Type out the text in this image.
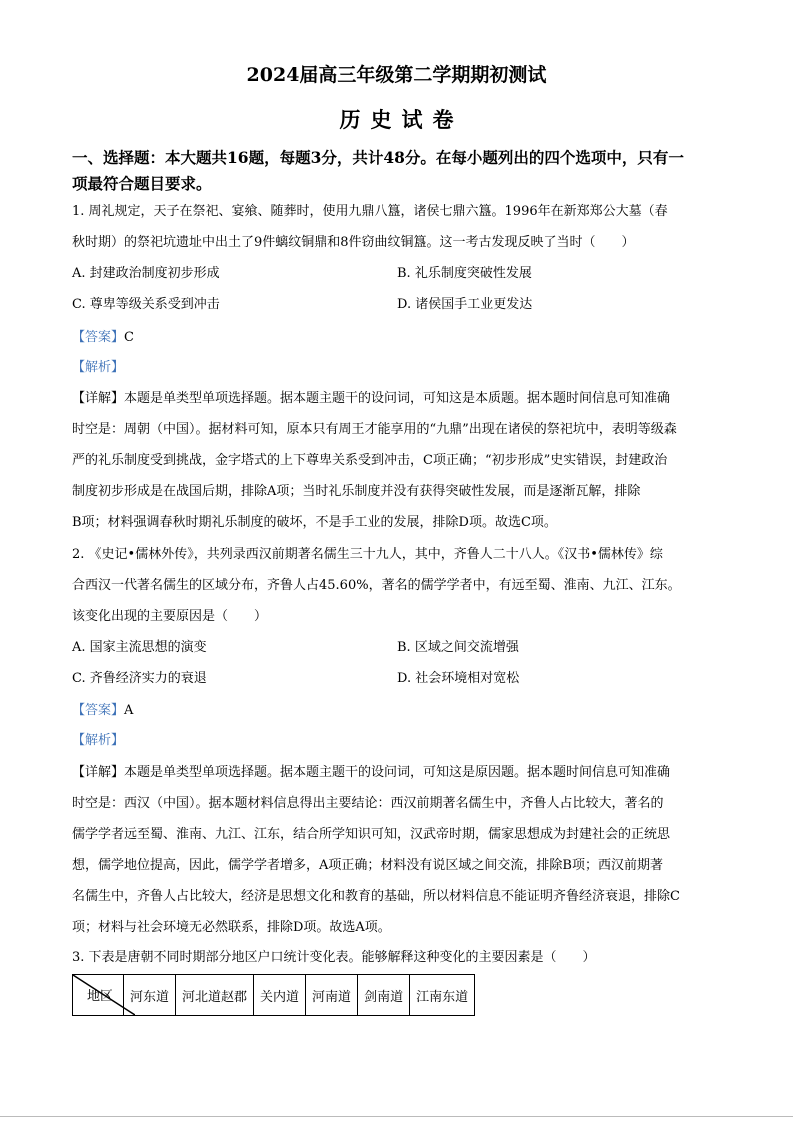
2024届高三年级第二学期期初测试
历史试卷
一、选择题：本大题共16题，每题3分，共计48分。在每小题列出的四个选项中，只有一
项最符合题目要求。
1. 周礼规定，天子在祭祀、宴飨、随葬时，使用九鼎八簋，诸侯七鼎六簋。1996年在新郑郑公大墓（春
秋时期）的祭祀坑遗址中出土了9件螭纹铜鼎和8件窃曲纹铜簋。这一考古发现反映了当时（　　）
A. 封建政治制度初步形成	B. 礼乐制度突破性发展
C. 尊卑等级关系受到冲击	D. 诸侯国手工业更发达
【答案】C
【解析】
【详解】本题是单类型单项选择题。据本题主题干的设问词，可知这是本质题。据本题时间信息可知准确
时空是：周朝（中国）。据材料可知，原本只有周王才能享用的“九鼎”出现在诸侯的祭祀坑中，表明等级森
严的礼乐制度受到挑战，金字塔式的上下尊卑关系受到冲击，C项正确；“初步形成”史实错误，封建政治
制度初步形成是在战国后期，排除A项；当时礼乐制度并没有获得突破性发展，而是逐渐瓦解，排除
B项；材料强调春秋时期礼乐制度的破坏，不是手工业的发展，排除D项。故选C项。
2. 《史记•儒林外传》，共列录西汉前期著名儒生三十九人，其中，齐鲁人二十八人。《汉书•儒林传》综
合西汉一代著名儒生的区域分布，齐鲁人占45.60%，著名的儒学学者中，有远至蜀、淮南、九江、江东。
该变化出现的主要原因是（　　）
A. 国家主流思想的演变	B. 区域之间交流增强
C. 齐鲁经济实力的衰退	D. 社会环境相对宽松
【答案】A
【解析】
【详解】本题是单类型单项选择题。据本题主题干的设问词，可知这是原因题。据本题时间信息可知准确
时空是：西汉（中国）。据本题材料信息得出主要结论：西汉前期著名儒生中，齐鲁人占比较大，著名的
儒学学者远至蜀、淮南、九江、江东，结合所学知识可知，汉武帝时期，儒家思想成为封建社会的正统思
想，儒学地位提高，因此，儒学学者增多，A项正确；材料没有说区域之间交流，排除B项；西汉前期著
名儒生中，齐鲁人占比较大，经济是思想文化和教育的基础，所以材料信息不能证明齐鲁经济衰退，排除C
项；材料与社会环境无必然联系，排除D项。故选A项。
3. 下表是唐朝不同时期部分地区户口统计变化表。能够解释这种变化的主要因素是（　　）
地区	河东道	河北道赵郡	关内道	河南道	剑南道	江南东道
